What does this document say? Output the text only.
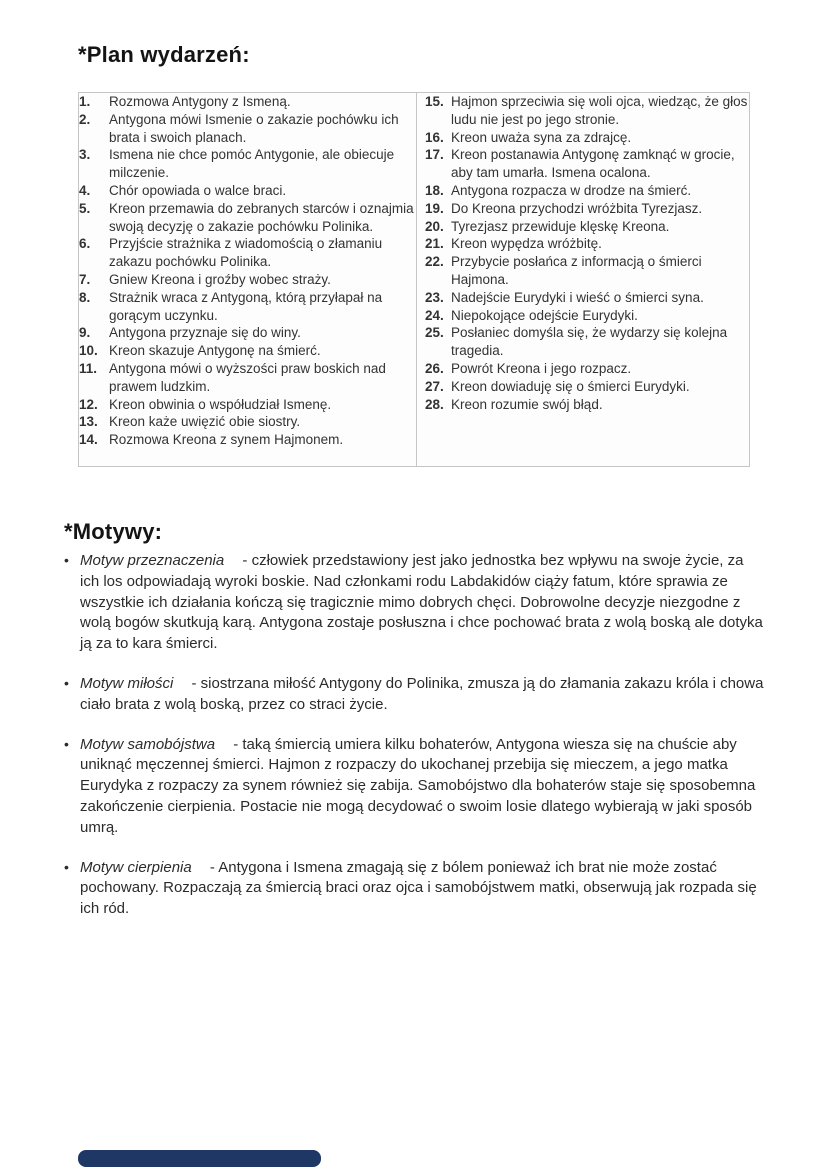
*Plan wydarzeń:
1.	Rozmowa Antygony z Ismeną.
2.	Antygona mówi Ismenie o zakazie pochówku ich brata i swoich planach.
3.	Ismena nie chce pomóc Antygonie, ale obiecuje milczenie.
4.	Chór opowiada o walce braci.
5.	Kreon przemawia do zebranych starców i oznajmia swoją decyzję o zakazie pochówku Polinika.
6.	Przyjście strażnika z wiadomością o złamaniu zakazu pochówku Polinika.
7.	Gniew Kreona i groźby wobec straży.
8.	Strażnik wraca z Antygoną, którą przyłapał na gorącym uczynku.
9.	Antygona przyznaje się do winy.
10. Kreon skazuje Antygonę na śmierć.
11. Antygona mówi o wyższości praw boskich nad prawem ludzkim.
12. Kreon obwinia o współudział Ismenę.
13. Kreon każe uwięzić obie siostry.
14. Rozmowa Kreona z synem Hajmonem.
15. Hajmon sprzeciwia się woli ojca, wiedząc, że głos ludu nie jest po jego stronie.
16. Kreon uważa syna za zdrajcę.
17. Kreon postanawia Antygonę zamknąć w grocie, aby tam umarła. Ismena ocalona.
18. Antygona rozpacza w drodze na śmierć.
19. Do Kreona przychodzi wróżbita Tyrezjasz.
20. Tyrezjasz przewiduje klęskę Kreona.
21. Kreon wypędza wróżbitę.
22. Przybycie posłańca z informacją o śmierci Hajmona.
23. Nadejście Eurydyki i wieść o śmierci syna.
24. Niepokojące odejście Eurydyki.
25. Posłaniec domyśla się, że wydarzy się kolejna tragedia.
26. Powrót Kreona i jego rozpacz.
27. Kreon dowiaduję się o śmierci Eurydyki.
28. Kreon rozumie swój błąd.
*Motywy:
• Motyw przeznaczenia - człowiek przedstawiony jest jako jednostka bez wpływu na swoje życie, za ich los odpowiadają wyroki boskie. Nad członkami rodu Labdakidów ciąży fatum, które sprawia ze wszystkie ich działania kończą się tragicznie mimo dobrych chęci. Dobrowolne decyzje niezgodne z wolą bogów skutkują karą. Antygona zostaje posłuszna i chce pochować brata z wolą boską ale dotyka ją za to kara śmierci.
• Motyw miłości - siostrzana miłość Antygony do Polinika, zmusza ją do złamania zakazu króla i chowa ciało brata z wolą boską, przez co straci życie.
• Motyw samobójstwa - taką śmiercią umiera kilku bohaterów, Antygona wiesza się na chuście aby uniknąć męczennej śmierci. Hajmon z rozpaczy do ukochanej przebija się mieczem, a jego matka Eurydyka z rozpaczy za synem również się zabija. Samobójstwo dla bohaterów staje się sposobemna zakończenie cierpienia. Postacie nie mogą decydować o swoim losie dlatego wybierają w jaki sposób umrą.
• Motyw cierpienia - Antygona i Ismena zmagają się z bólem ponieważ ich brat nie może zostać pochowany. Rozpaczają za śmiercią braci oraz ojca i samobójstwem matki, obserwują jak rozpada się ich ród.
